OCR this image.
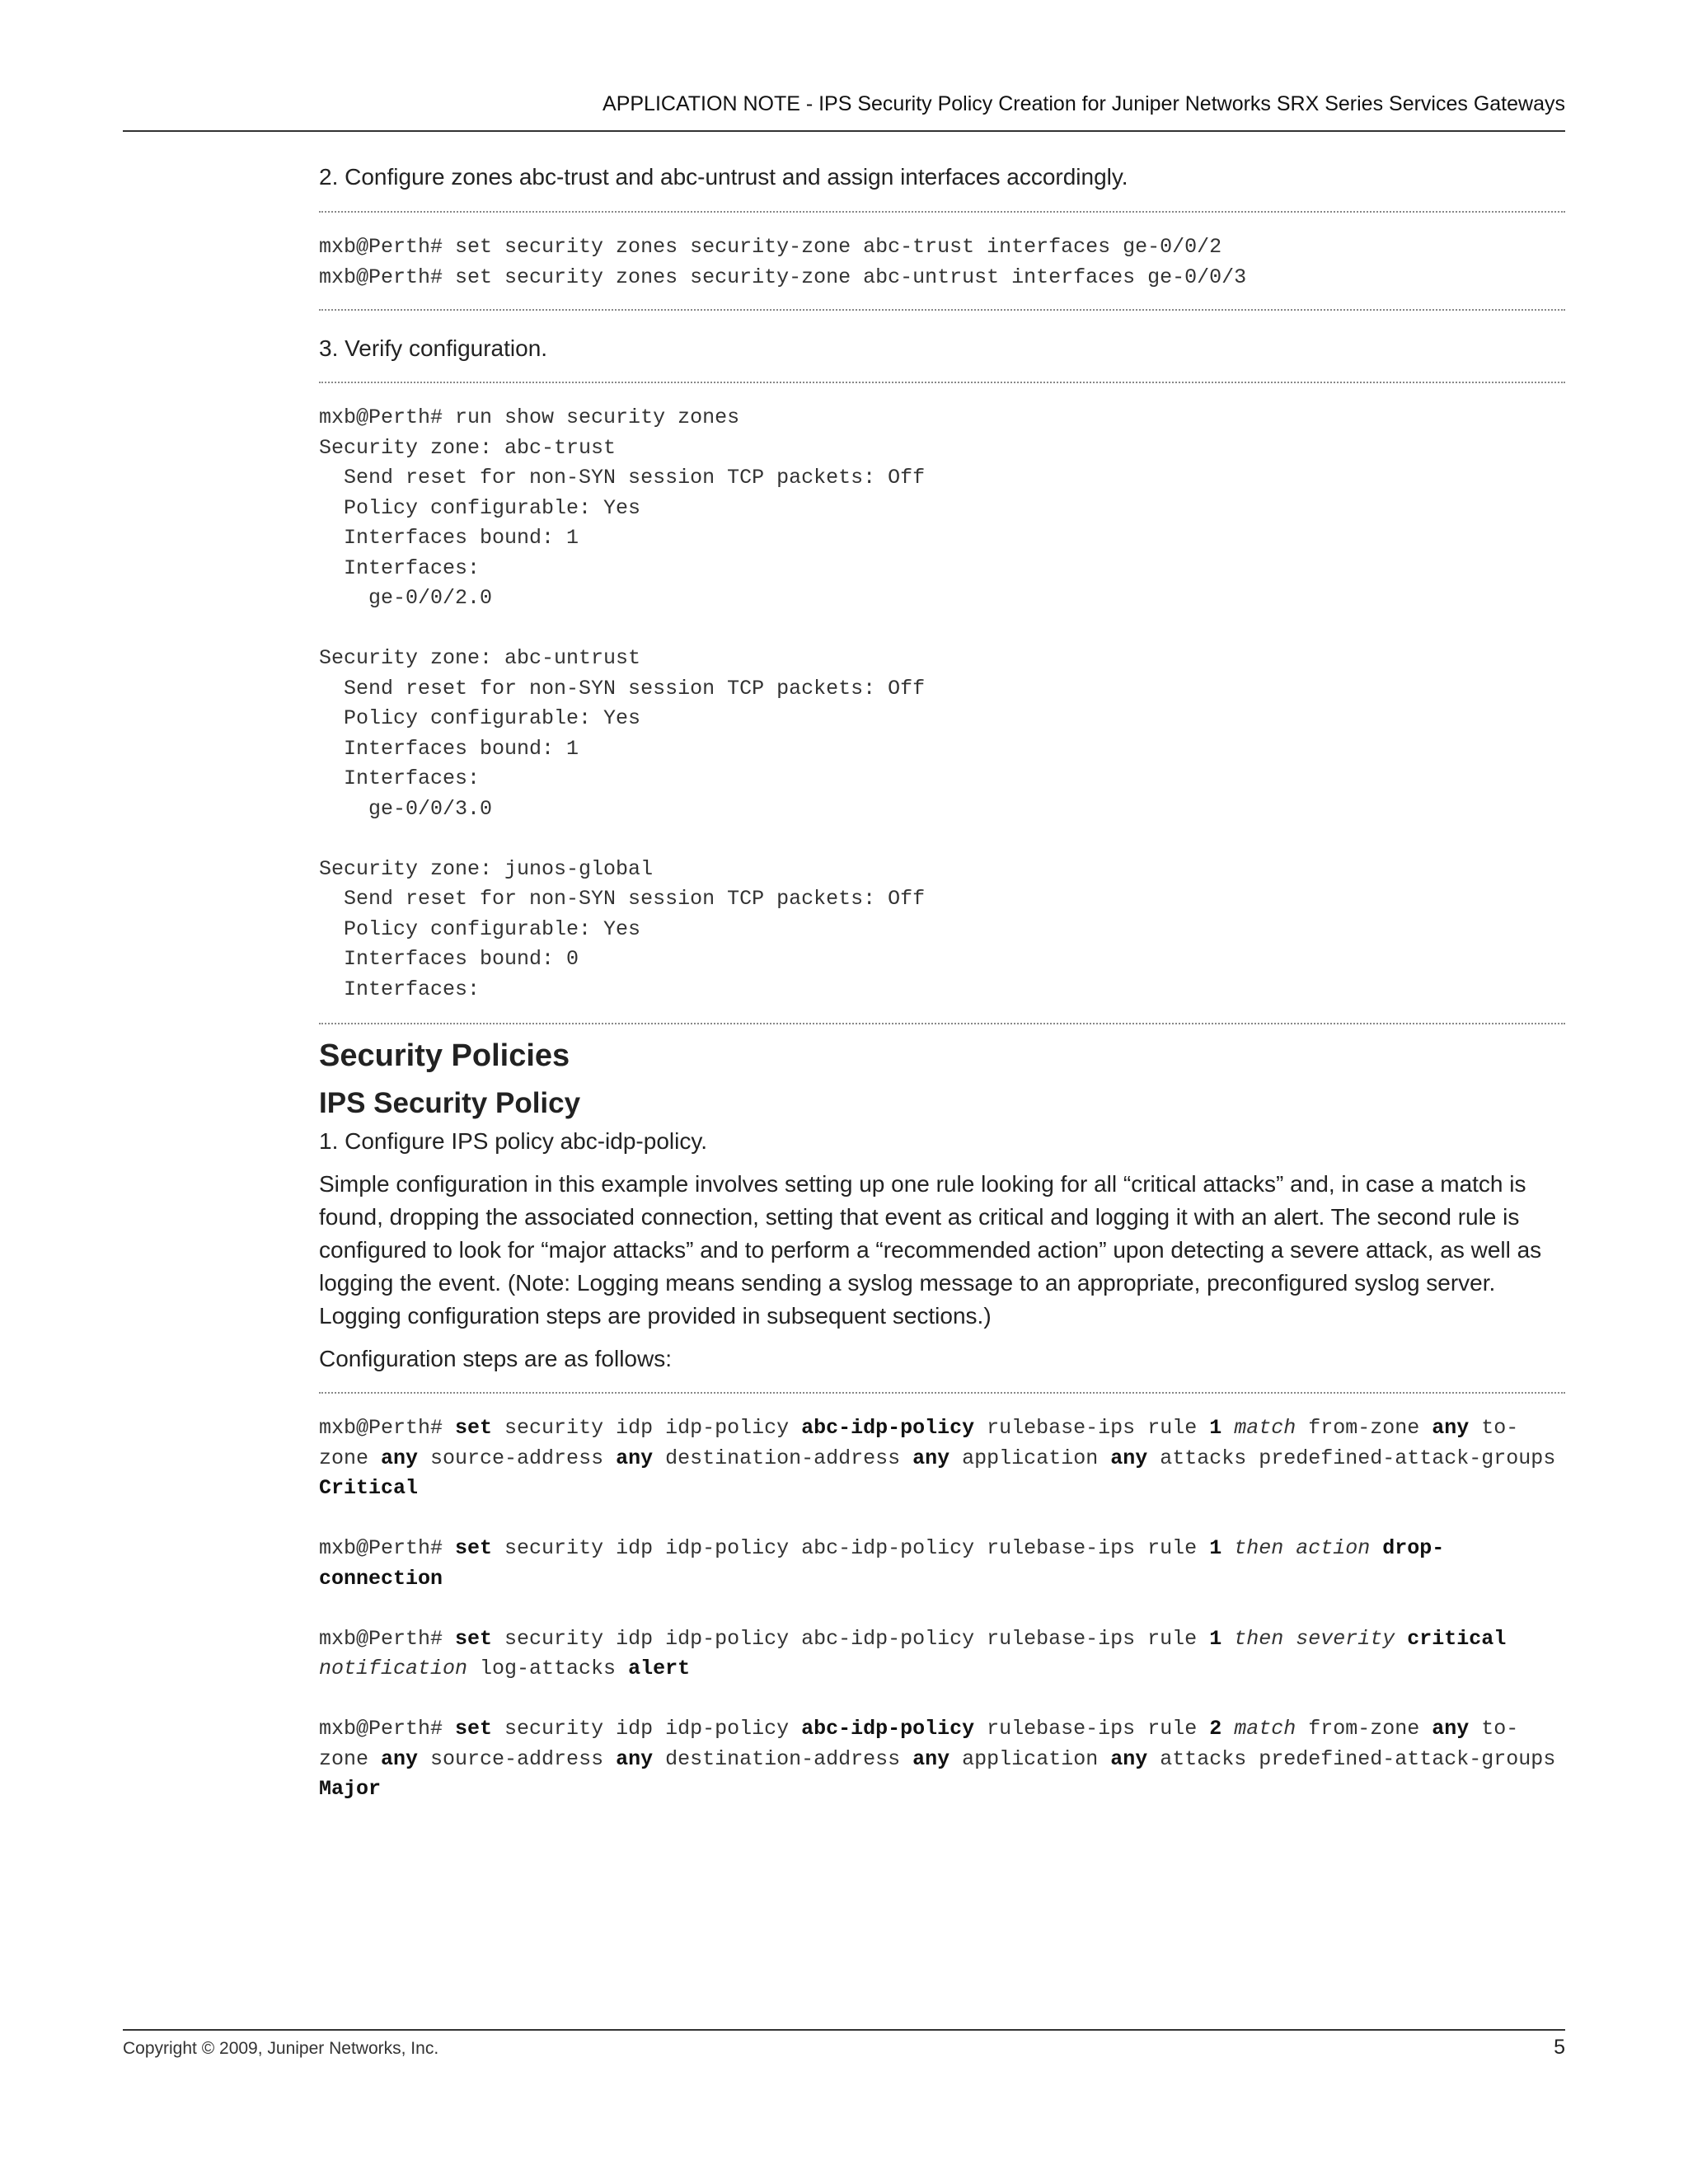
APPLICATION NOTE - IPS Security Policy Creation for Juniper Networks SRX Series Services Gateways

2. Configure zones abc-trust and abc-untrust and assign interfaces accordingly.

mxb@Perth# set security zones security-zone abc-trust interfaces ge-0/0/2
mxb@Perth# set security zones security-zone abc-untrust interfaces ge-0/0/3

3. Verify configuration.

mxb@Perth# run show security zones
Security zone: abc-trust
Send reset for non-SYN session TCP packets: Off
Policy configurable: Yes
Interfaces bound: 1
Interfaces:
ge-0/0/2.0

Security zone: abc-untrust
Send reset for non-SYN session TCP packets: Off
Policy configurable: Yes
Interfaces bound: 1
Interfaces:
ge-0/0/3.0

Security zone: junos-global
Send reset for non-SYN session TCP packets: Off
Policy configurable: Yes
Interfaces bound: 0
Interfaces:
Security Policies
IPS Security Policy

1. Configure IPS policy abc-idp-policy.

Simple configuration in this example involves setting up one rule looking for all “critical attacks” and, in case a match is found, dropping the associated connection, setting that event as critical and logging it with an alert. The second rule is configured to look for “major attacks” and to perform a “recommended action” upon detecting a severe attack, as well as logging the event. (Note: Logging means sending a syslog message to an appropriate, preconfigured syslog server. Logging configuration steps are provided in subsequent sections.)

Configuration steps are as follows:

mxb@Perth# set security idp idp-policy abc-idp-policy rulebase-ips rule 1 match from-zone any to-zone any source-address any destination-address any application any attacks predefined-attack-groups Critical

mxb@Perth# set security idp idp-policy abc-idp-policy rulebase-ips rule 1 then action drop-connection

mxb@Perth# set security idp idp-policy abc-idp-policy rulebase-ips rule 1 then severity critical notification log-attacks alert

mxb@Perth# set security idp idp-policy abc-idp-policy rulebase-ips rule 2 match from-zone any to-zone any source-address any destination-address any application any attacks predefined-attack-groups Major

Copyright © 2009, Juniper Networks, Inc.	5
